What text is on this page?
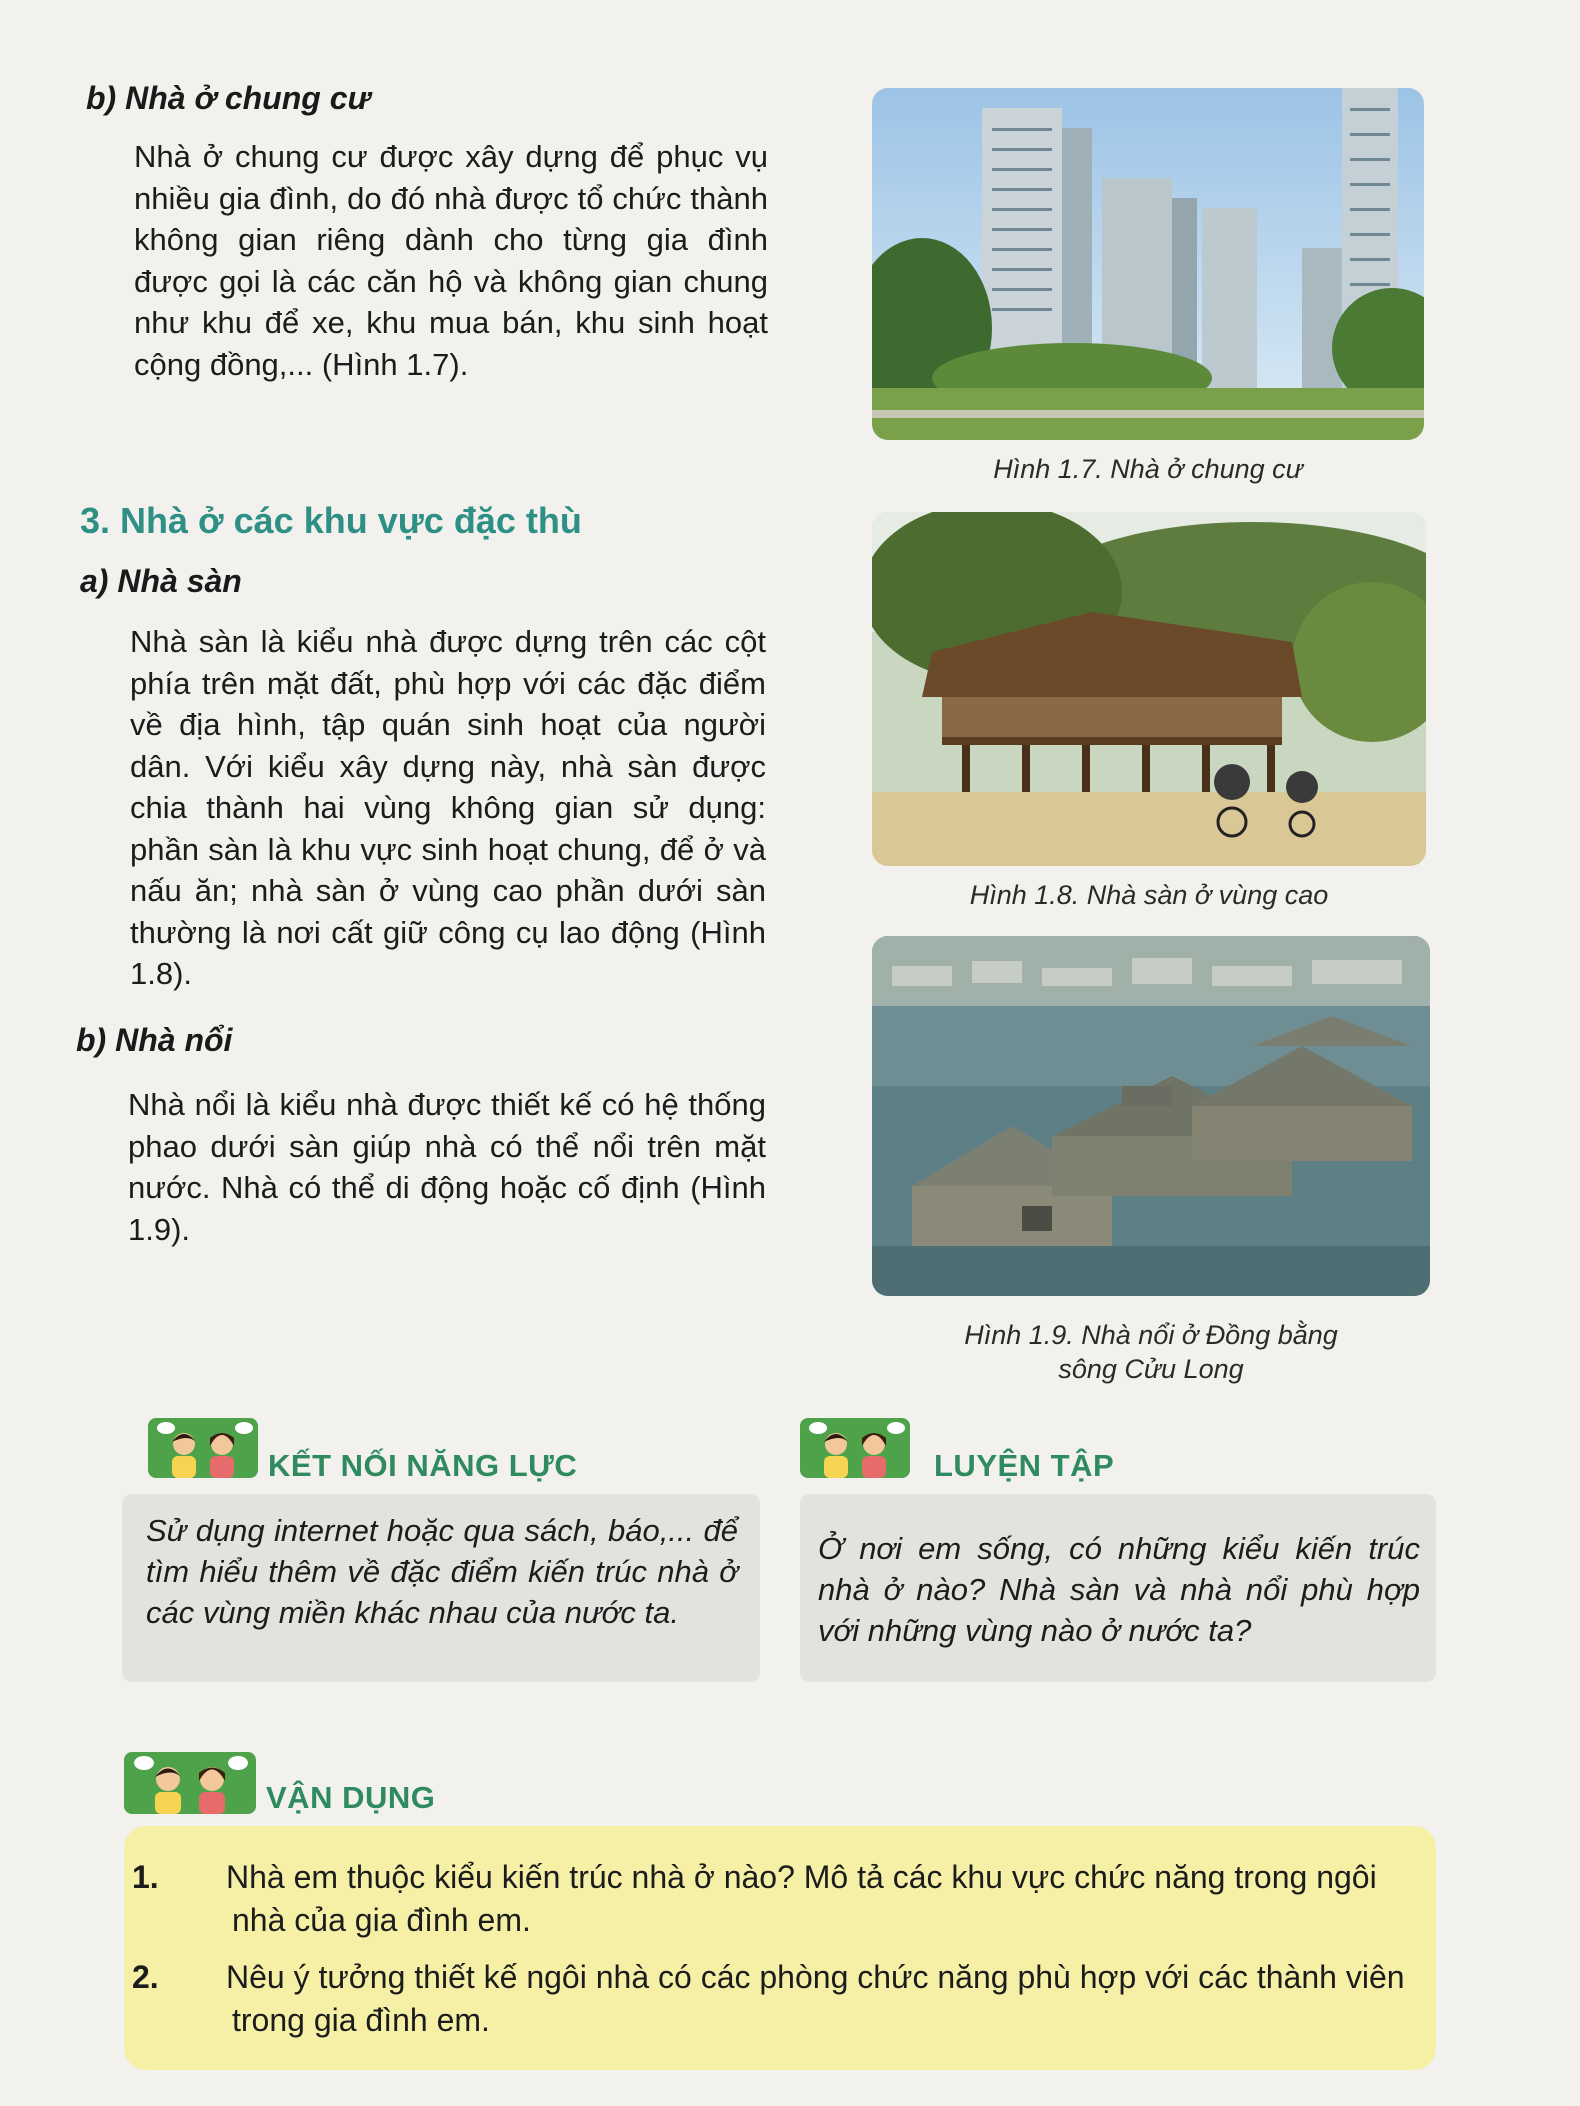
b) Nhà ở chung cư
Nhà ở chung cư được xây dựng để phục vụ nhiều gia đình, do đó nhà được tổ chức thành không gian riêng dành cho từng gia đình được gọi là các căn hộ và không gian chung như khu để xe, khu mua bán, khu sinh hoạt cộng đồng,... (Hình 1.7).
Hình 1.7. Nhà ở chung cư
3. Nhà ở các khu vực đặc thù
a) Nhà sàn
Nhà sàn là kiểu nhà được dựng trên các cột phía trên mặt đất, phù hợp với các đặc điểm về địa hình, tập quán sinh hoạt của người dân. Với kiểu xây dựng này, nhà sàn được chia thành hai vùng không gian sử dụng: phần sàn là khu vực sinh hoạt chung, để ở và nấu ăn; nhà sàn ở vùng cao phần dưới sàn thường là nơi cất giữ công cụ lao động (Hình 1.8).
Hình 1.8. Nhà sàn ở vùng cao
b) Nhà nổi
Nhà nổi là kiểu nhà được thiết kế có hệ thống phao dưới sàn giúp nhà có thể nổi trên mặt nước. Nhà có thể di động hoặc cố định (Hình 1.9).
Hình 1.9. Nhà nổi ở Đồng bằng
sông Cửu Long
KẾT NỐI NĂNG LỰC
Sử dụng internet hoặc qua sách, báo,... để tìm hiểu thêm về đặc điểm kiến trúc nhà ở các vùng miền khác nhau của nước ta.
LUYỆN TẬP
Ở nơi em sống, có những kiểu kiến trúc nhà ở nào? Nhà sàn và nhà nổi phù hợp với những vùng nào ở nước ta?
VẬN DỤNG
1. Nhà em thuộc kiểu kiến trúc nhà ở nào? Mô tả các khu vực chức năng trong ngôi nhà của gia đình em.
2. Nêu ý tưởng thiết kế ngôi nhà có các phòng chức năng phù hợp với các thành viên trong gia đình em.
